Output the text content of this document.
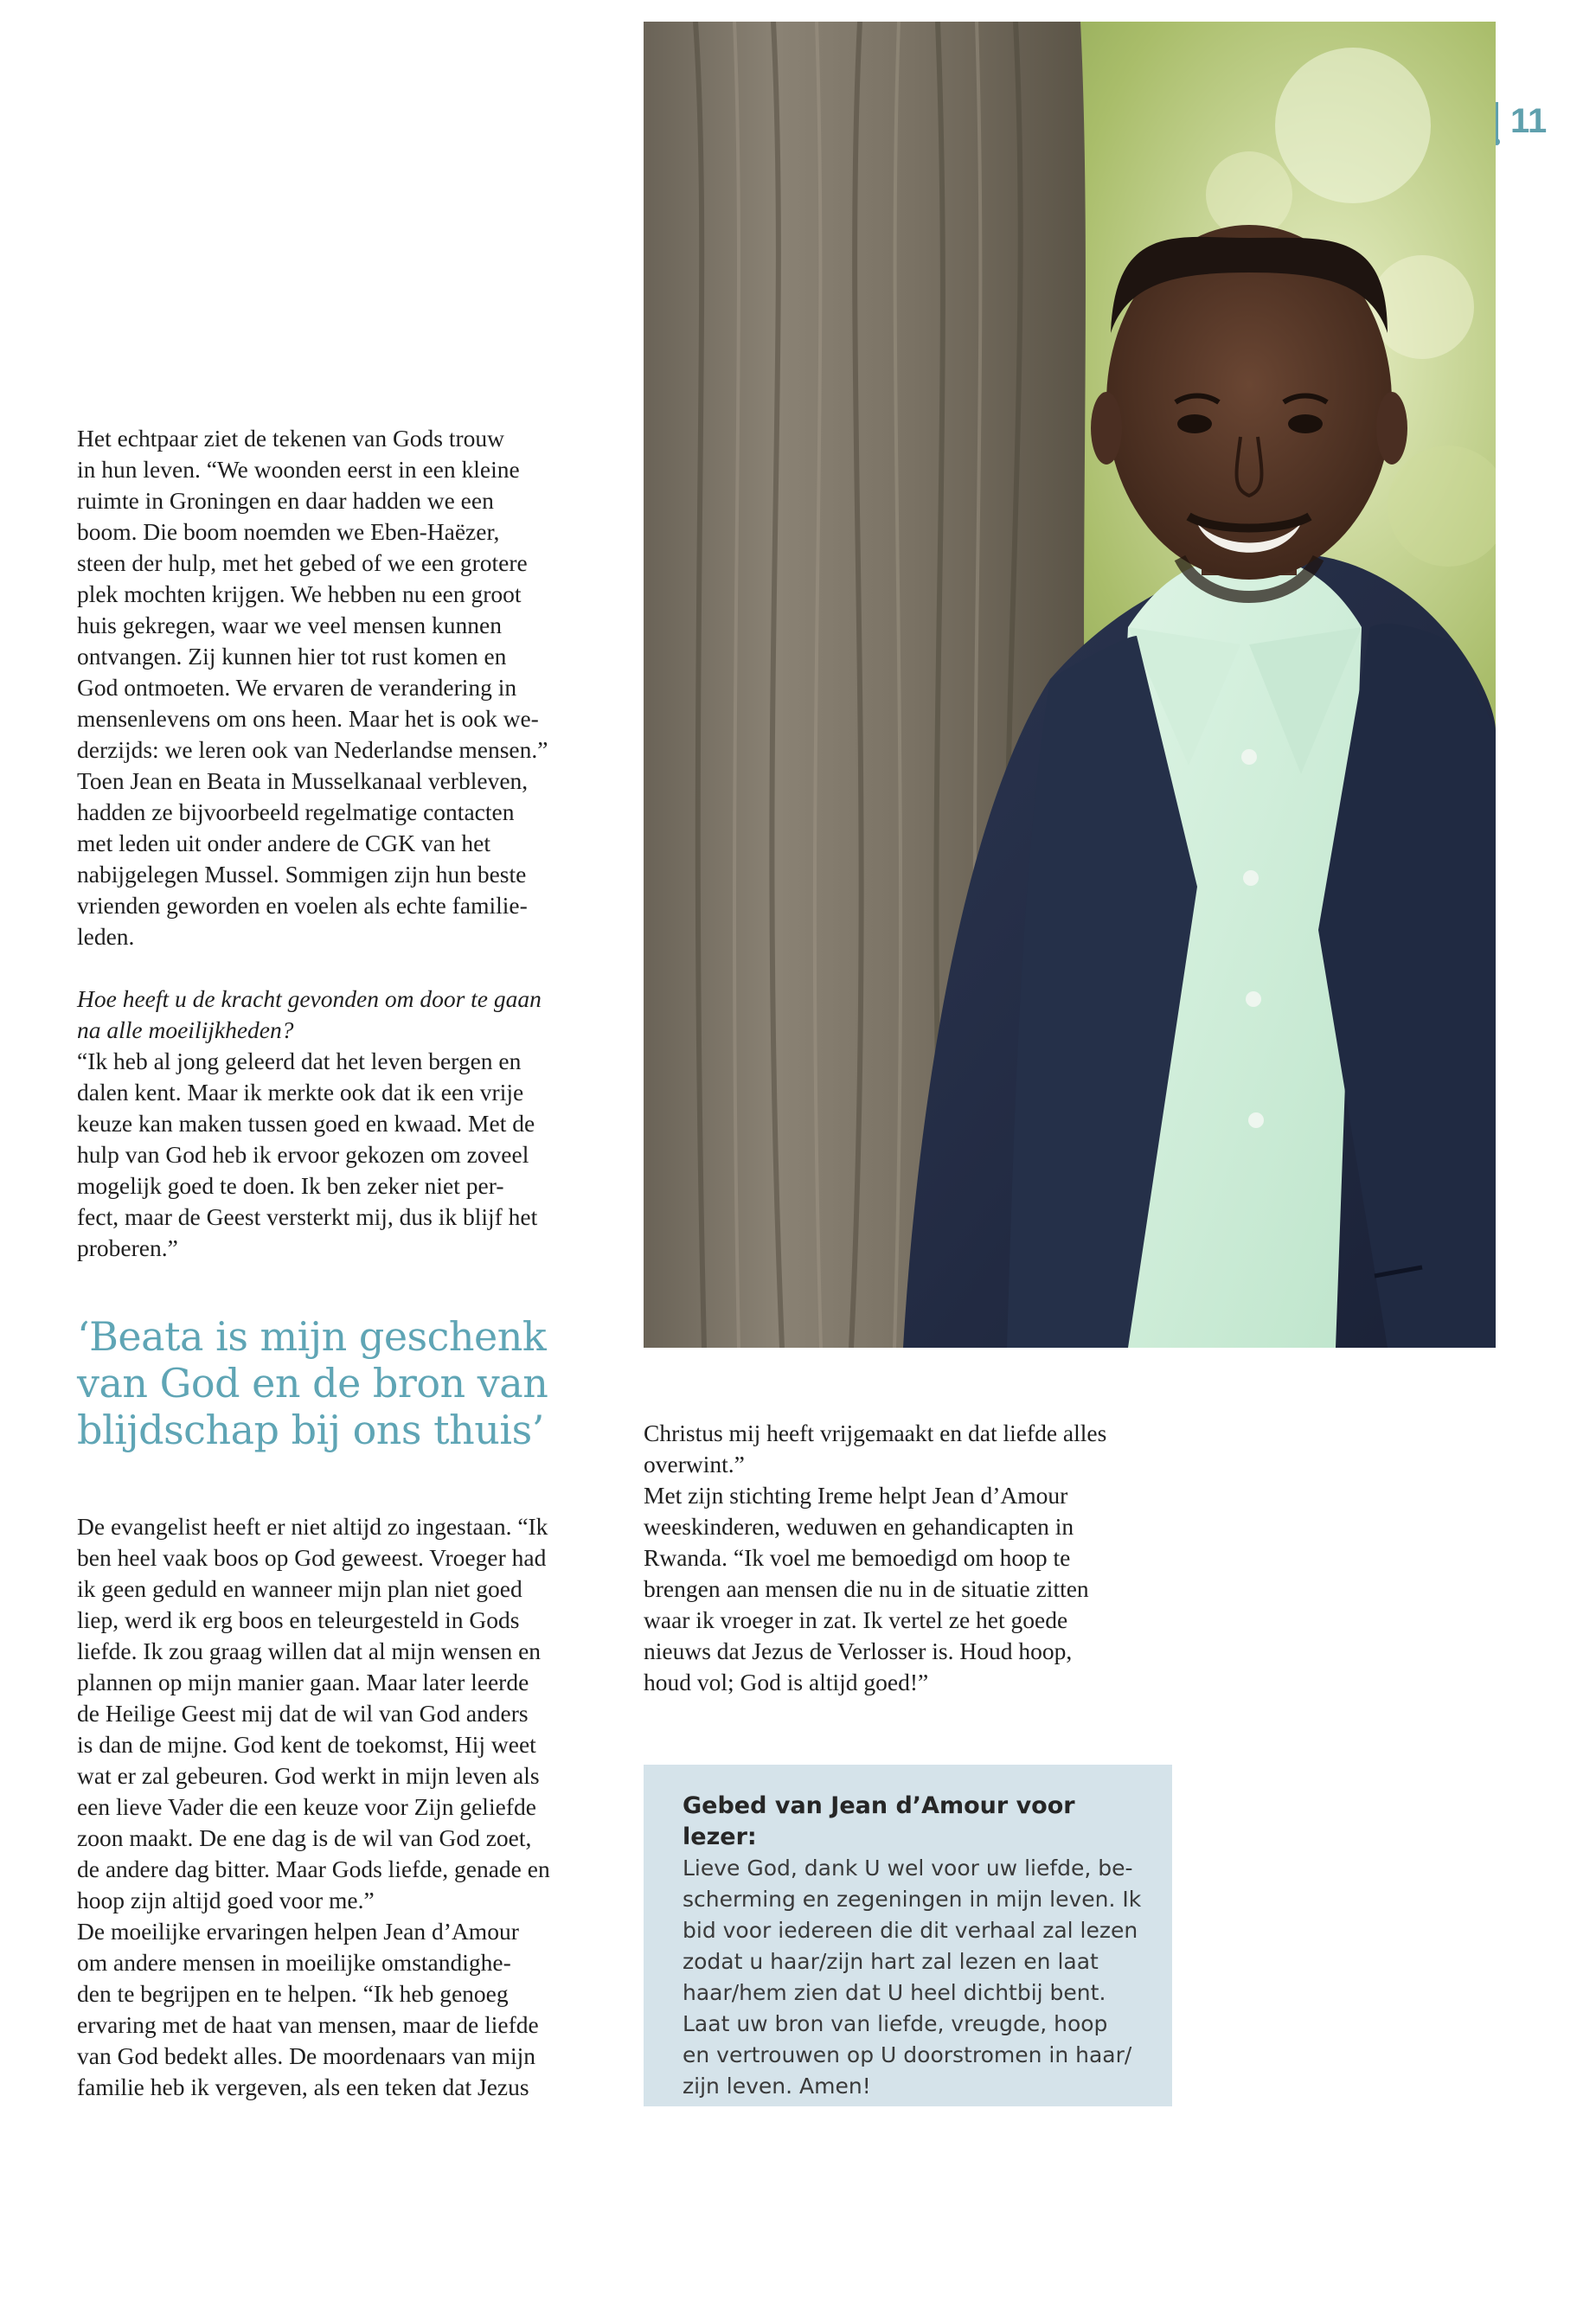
11

Het echtpaar ziet de tekenen van Gods trouw
in hun leven. “We woonden eerst in een kleine
ruimte in Groningen en daar hadden we een
boom. Die boom noemden we Eben-Haëzer,
steen der hulp, met het gebed of we een grotere
plek mochten krijgen. We hebben nu een groot
huis gekregen, waar we veel mensen kunnen
ontvangen. Zij kunnen hier tot rust komen en
God ontmoeten. We ervaren de verandering in
mensenlevens om ons heen. Maar het is ook we-
derzijds: we leren ook van Nederlandse mensen.”
Toen Jean en Beata in Musselkanaal verbleven,
hadden ze bijvoorbeeld regelmatige contacten
met leden uit onder andere de CGK van het
nabijgelegen Mussel. Sommigen zijn hun beste
vrienden geworden en voelen als echte familie-
leden.

Hoe heeft u de kracht gevonden om door te gaan
na alle moeilijkheden?

“Ik heb al jong geleerd dat het leven bergen en
dalen kent. Maar ik merkte ook dat ik een vrije
keuze kan maken tussen goed en kwaad. Met de
hulp van God heb ik ervoor gekozen om zoveel
mogelijk goed te doen. Ik ben zeker niet per-
fect, maar de Geest versterkt mij, dus ik blijf het
proberen.”

‘Beata is mijn geschenk
van God en de bron van
blijdschap bij ons thuis’

De evangelist heeft er niet altijd zo ingestaan. “Ik
ben heel vaak boos op God geweest. Vroeger had
ik geen geduld en wanneer mijn plan niet goed
liep, werd ik erg boos en teleurgesteld in Gods
liefde. Ik zou graag willen dat al mijn wensen en
plannen op mijn manier gaan. Maar later leerde
de Heilige Geest mij dat de wil van God anders
is dan de mijne. God kent de toekomst, Hij weet
wat er zal gebeuren. God werkt in mijn leven als
een lieve Vader die een keuze voor Zijn geliefde
zoon maakt. De ene dag is de wil van God zoet,
de andere dag bitter. Maar Gods liefde, genade en
hoop zijn altijd goed voor me.”

De moeilijke ervaringen helpen Jean d’Amour
om andere mensen in moeilijke omstandighe-
den te begrijpen en te helpen. “Ik heb genoeg
ervaring met de haat van mensen, maar de liefde
van God bedekt alles. De moordenaars van mijn
familie heb ik vergeven, als een teken dat Jezus

Christus mij heeft vrijgemaakt en dat liefde alles
overwint.”

Met zijn stichting Ireme helpt Jean d’Amour
weeskinderen, weduwen en gehandicapten in
Rwanda. “Ik voel me bemoedigd om hoop te
brengen aan mensen die nu in de situatie zitten
waar ik vroeger in zat. Ik vertel ze het goede
nieuws dat Jezus de Verlosser is. Houd hoop,
houd vol; God is altijd goed!”

Gebed van Jean d’Amour voor lezer:
Lieve God, dank U wel voor uw liefde, be-
scherming en zegeningen in mijn leven. Ik
bid voor iedereen die dit verhaal zal lezen
zodat u haar/zijn hart zal lezen en laat
haar/hem zien dat U heel dichtbij bent.
Laat uw bron van liefde, vreugde, hoop
en vertrouwen op U doorstromen in haar/
zijn leven. Amen!
